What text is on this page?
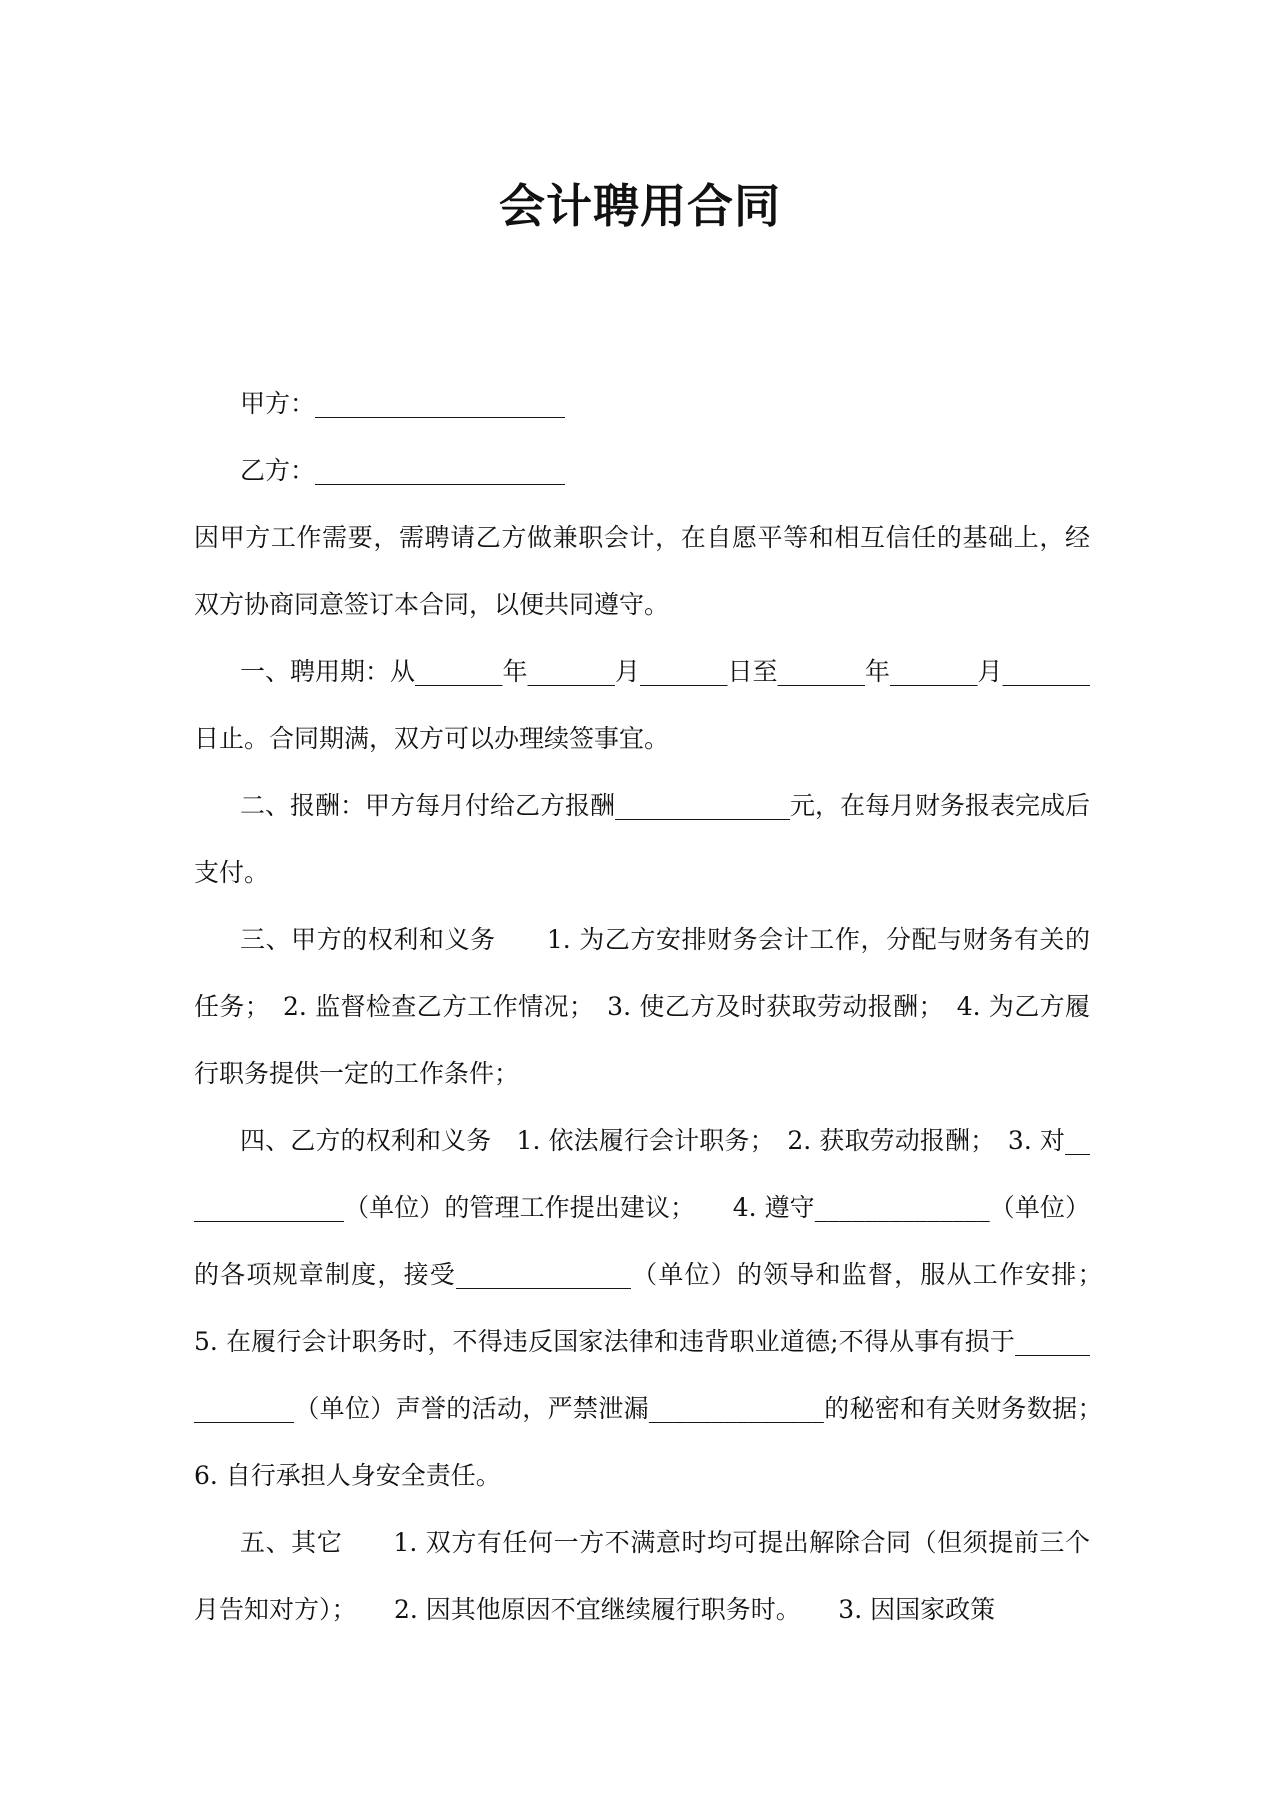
会计聘用合同

甲方：____________________

乙方：____________________

因甲方工作需要，需聘请乙方做兼职会计，在自愿平等和相互信任的基础上，经双方协商同意签订本合同，以便共同遵守。

一、聘用期：从_______年_______月_______日至_______年_______月_______日止。合同期满，双方可以办理续签事宜。

二、报酬：甲方每月付给乙方报酬______________元，在每月财务报表完成后支付。

三、甲方的权利和义务　　1. 为乙方安排财务会计工作，分配与财务有关的任务；　2. 监督检查乙方工作情况；　3. 使乙方及时获取劳动报酬；　4. 为乙方履行职务提供一定的工作条件；

四、乙方的权利和义务　1. 依法履行会计职务；　2. 获取劳动报酬；　3. 对______________（单位）的管理工作提出建议；　　4. 遵守______________（单位）的各项规章制度，接受______________（单位）的领导和监督，服从工作安排；　　5. 在履行会计职务时，不得违反国家法律和违背职业道德;不得从事有损于______________（单位）声誉的活动，严禁泄漏______________的秘密和有关财务数据；　　6. 自行承担人身安全责任。

五、其它　　1. 双方有任何一方不满意时均可提出解除合同（但须提前三个月告知对方）；　　2. 因其他原因不宜继续履行职务时。　　3. 因国家政策
